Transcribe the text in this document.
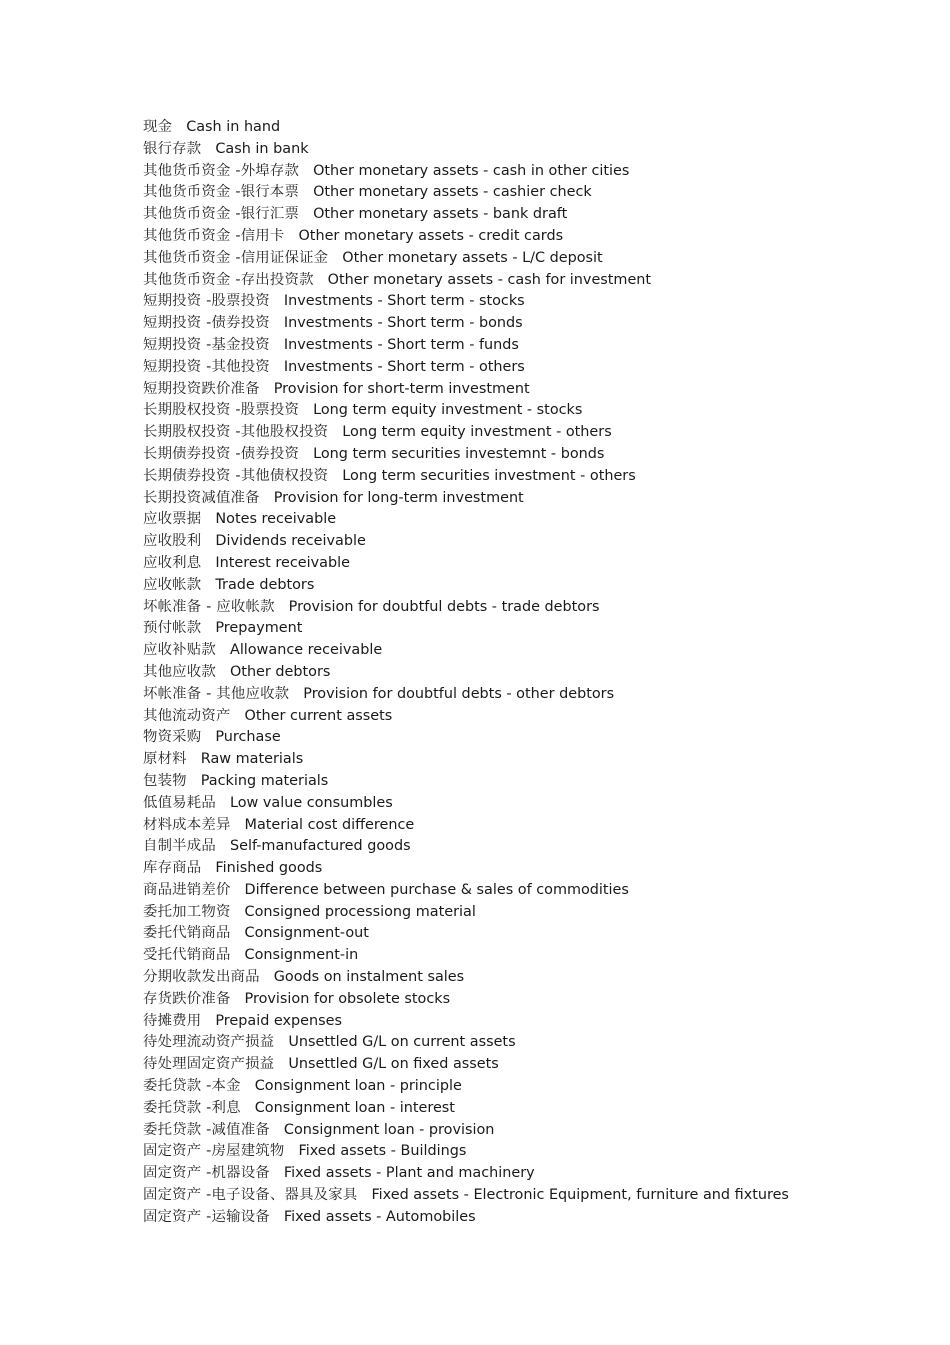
现金 Cash in hand
银行存款 Cash in bank
其他货币资金 -外埠存款 Other monetary assets - cash in other cities
其他货币资金 -银行本票 Other monetary assets - cashier check
其他货币资金 -银行汇票 Other monetary assets - bank draft
其他货币资金 -信用卡 Other monetary assets - credit cards
其他货币资金 -信用证保证金 Other monetary assets - L/C deposit
其他货币资金 -存出投资款 Other monetary assets - cash for investment
短期投资 -股票投资 Investments - Short term - stocks
短期投资 -债券投资 Investments - Short term - bonds
短期投资 -基金投资 Investments - Short term - funds
短期投资 -其他投资 Investments - Short term - others
短期投资跌价准备 Provision for short-term investment
长期股权投资 -股票投资 Long term equity investment - stocks
长期股权投资 -其他股权投资 Long term equity investment - others
长期债券投资 -债券投资 Long term securities investemnt - bonds
长期债券投资 -其他债权投资 Long term securities investment - others
长期投资减值准备 Provision for long-term investment
应收票据 Notes receivable
应收股利 Dividends receivable
应收利息 Interest receivable
应收帐款 Trade debtors
坏帐准备 - 应收帐款 Provision for doubtful debts - trade debtors
预付帐款 Prepayment
应收补贴款 Allowance receivable
其他应收款 Other debtors
坏帐准备 - 其他应收款 Provision for doubtful debts - other debtors
其他流动资产 Other current assets
物资采购 Purchase
原材料 Raw materials
包装物 Packing materials
低值易耗品 Low value consumbles
材料成本差异 Material cost difference
自制半成品 Self-manufactured goods
库存商品 Finished goods
商品进销差价 Difference between purchase & sales of commodities
委托加工物资 Consigned processiong material
委托代销商品 Consignment-out
受托代销商品 Consignment-in
分期收款发出商品 Goods on instalment sales
存货跌价准备 Provision for obsolete stocks
待摊费用 Prepaid expenses
待处理流动资产损益 Unsettled G/L on current assets
待处理固定资产损益 Unsettled G/L on fixed assets
委托贷款 -本金 Consignment loan - principle
委托贷款 -利息 Consignment loan - interest
委托贷款 -减值准备 Consignment loan - provision
固定资产 -房屋建筑物 Fixed assets - Buildings
固定资产 -机器设备 Fixed assets - Plant and machinery
固定资产 -电子设备、器具及家具 Fixed assets - Electronic Equipment, furniture and fixtures
固定资产 -运输设备 Fixed assets - Automobiles
